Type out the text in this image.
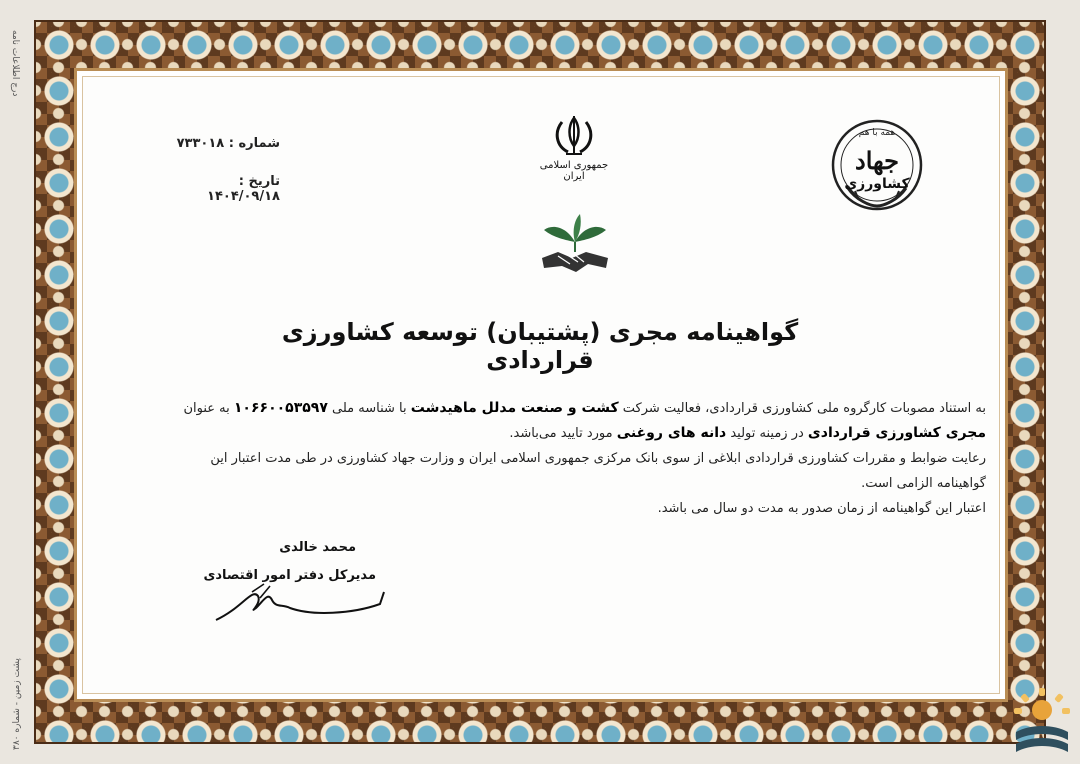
درج اطلاعات نامه
پشت زمین - شماره ۳۸۰
شماره : ۷۳۳۰۱۸
تاریخ : ۱۴۰۴/۰۹/۱۸
جمهوری اسلامی ایران
همه با هم
جهاد
کشاورزی
گواهینامه مجری (پشتیبان) توسعه کشاورزی قراردادی

به استناد مصوبات کارگروه ملی کشاورزی قراردادی، فعالیت شرکت کشت و صنعت مدلل ماهیدشت با شناسه ملی ۱۰۶۶۰۰۵۳۵۹۷ به عنوان مجری کشاورزی قراردادی در زمینه تولید دانه های روغنی مورد تایید می‌باشد.

رعایت ضوابط و مقررات کشاورزی قراردادی ابلاغی از سوی بانک مرکزی جمهوری اسلامی ایران و وزارت جهاد کشاورزی در طی مدت اعتبار این گواهینامه الزامی است.

اعتبار این گواهینامه از زمان صدور به مدت دو سال می باشد.

محمد خالدی
مدیرکل دفتر امور اقتصادی
